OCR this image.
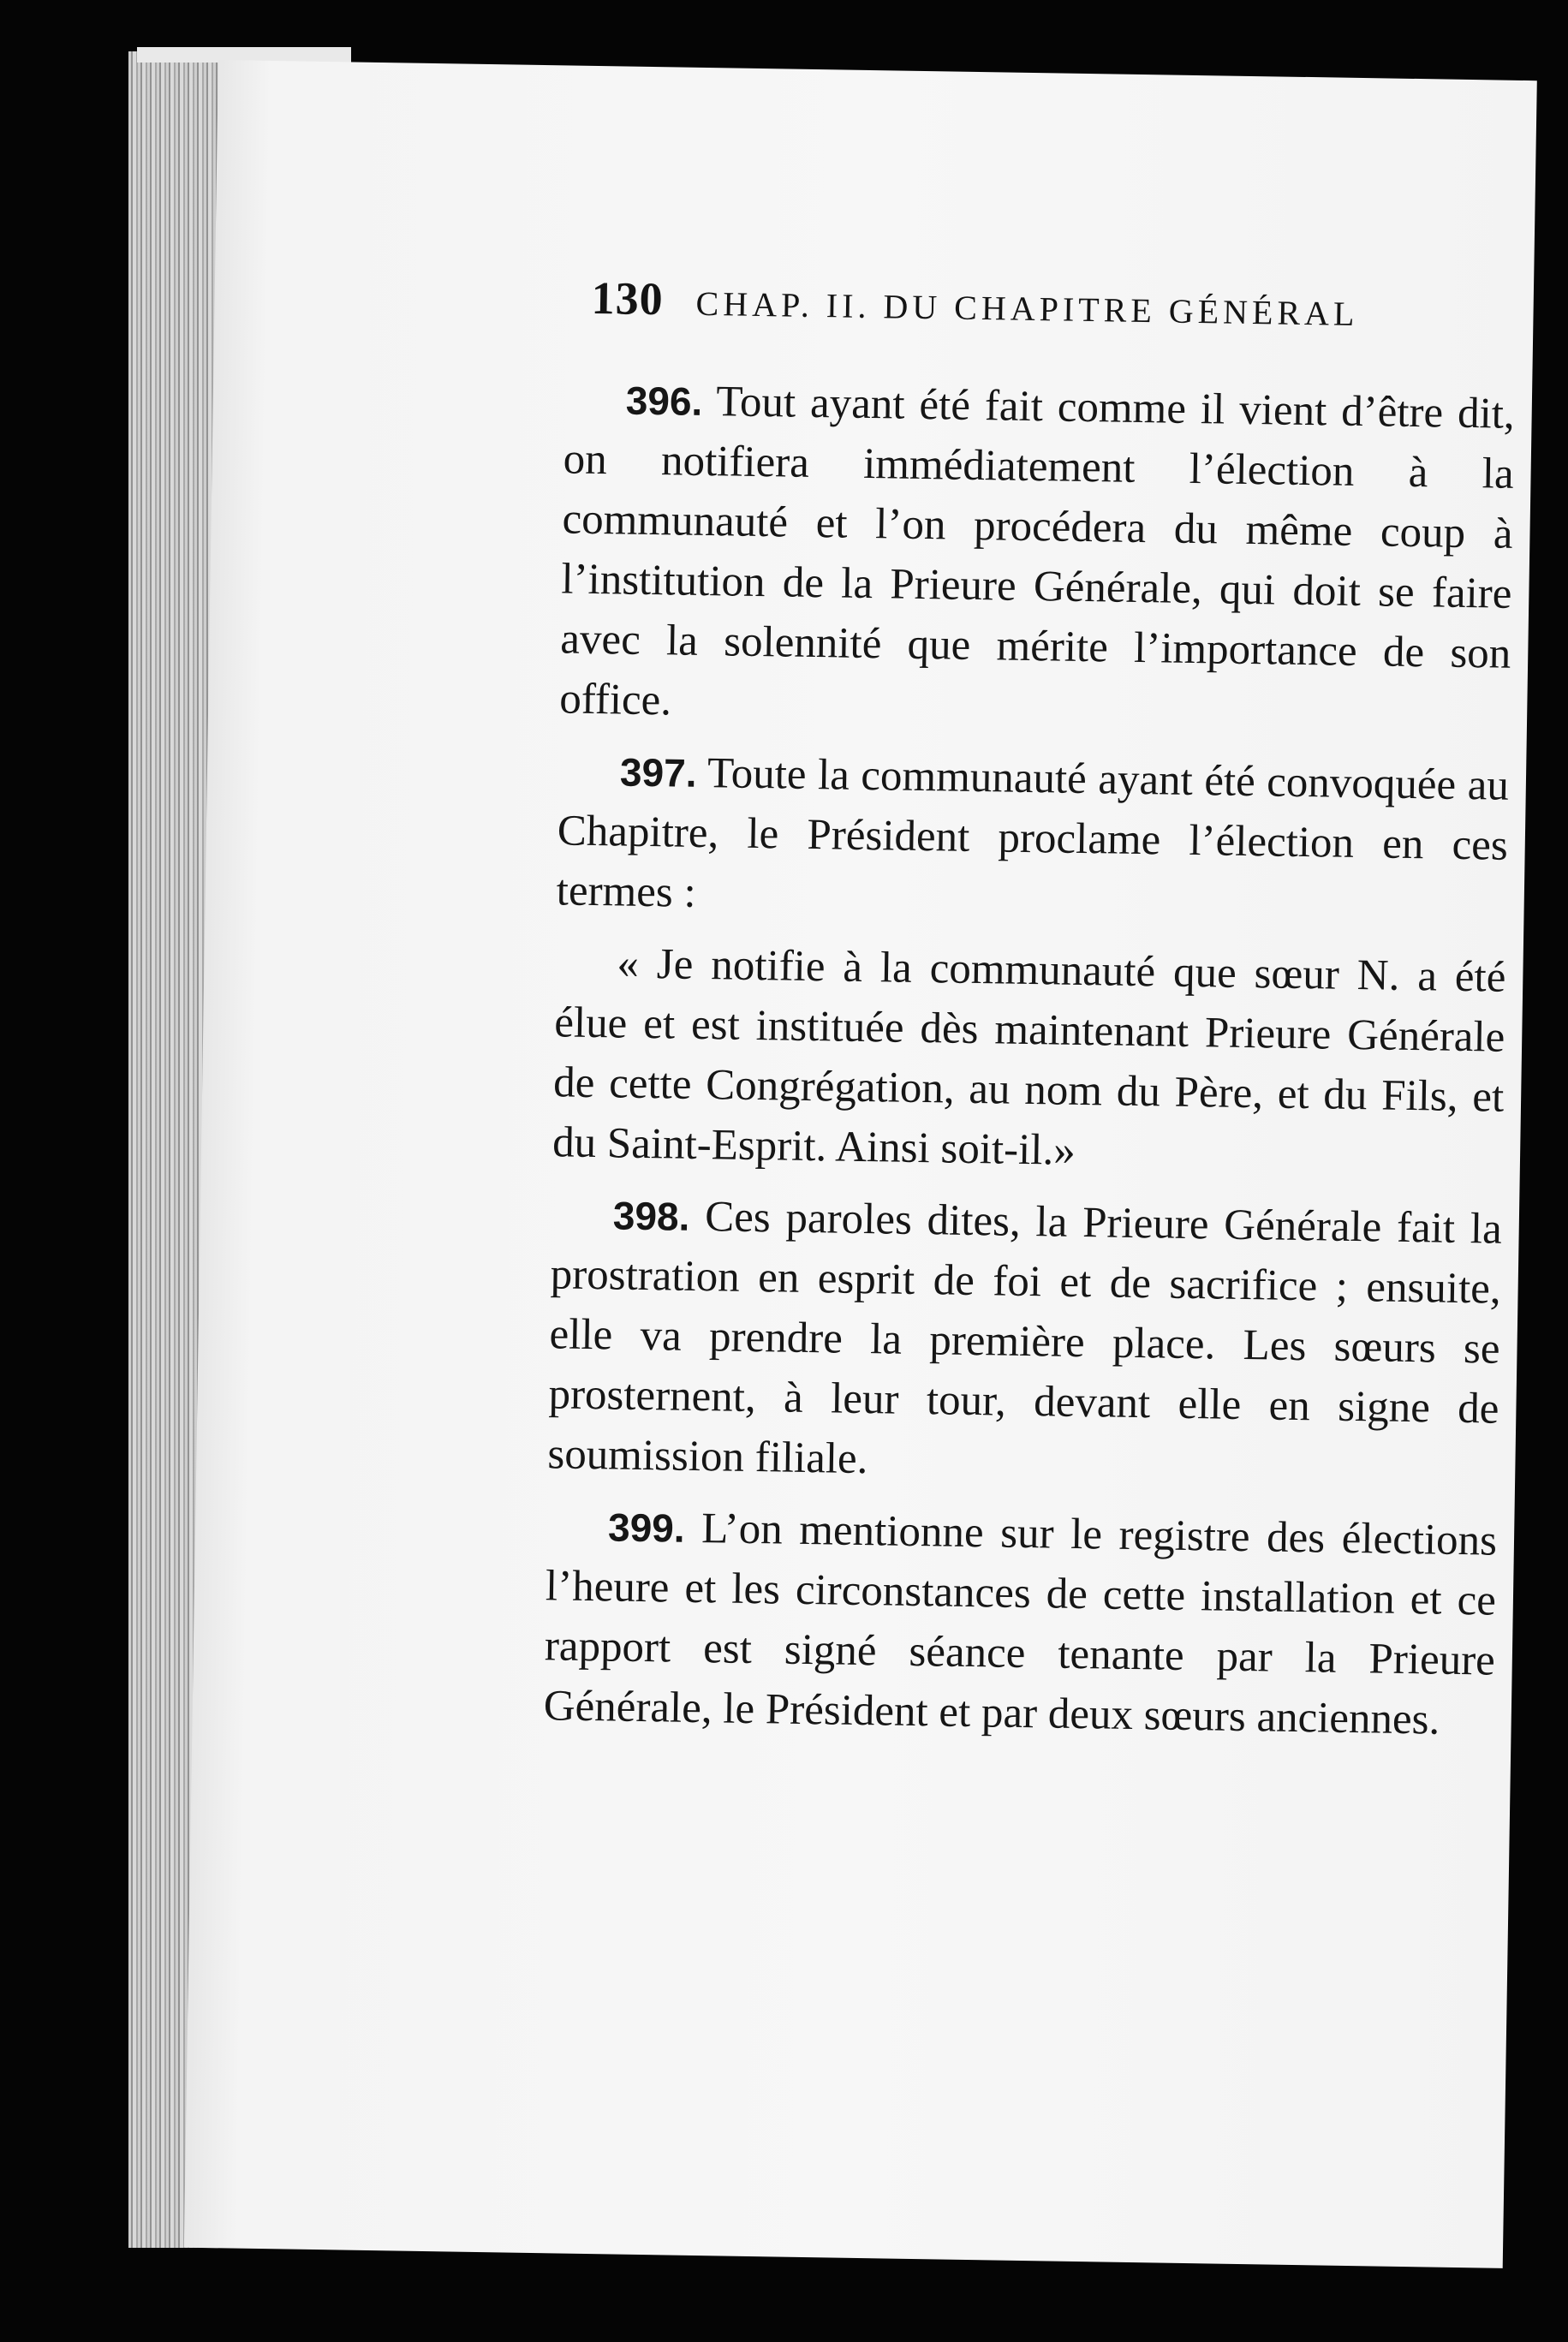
130 CHAP. II. DU CHAPITRE GÉNÉRAL

396. Tout ayant été fait comme il vient d’être dit, on notifiera immédiatement l’élection à la communauté et l’on procédera du même coup à l’institution de la Prieure Générale, qui doit se faire avec la solennité que mérite l’importance de son office.

397. Toute la communauté ayant été convoquée au Chapitre, le Président proclame l’élection en ces termes :

« Je notifie à la communauté que sœur N. a été élue et est instituée dès maintenant Prieure Générale de cette Congrégation, au nom du Père, et du Fils, et du Saint-Esprit. Ainsi soit-il.»

398. Ces paroles dites, la Prieure Générale fait la prostration en esprit de foi et de sacrifice ; ensuite, elle va prendre la première place. Les sœurs se prosternent, à leur tour, devant elle en signe de soumission filiale.

399. L’on mentionne sur le registre des élections l’heure et les circonstances de cette installation et ce rapport est signé séance tenante par la Prieure Générale, le Président et par deux sœurs anciennes.
